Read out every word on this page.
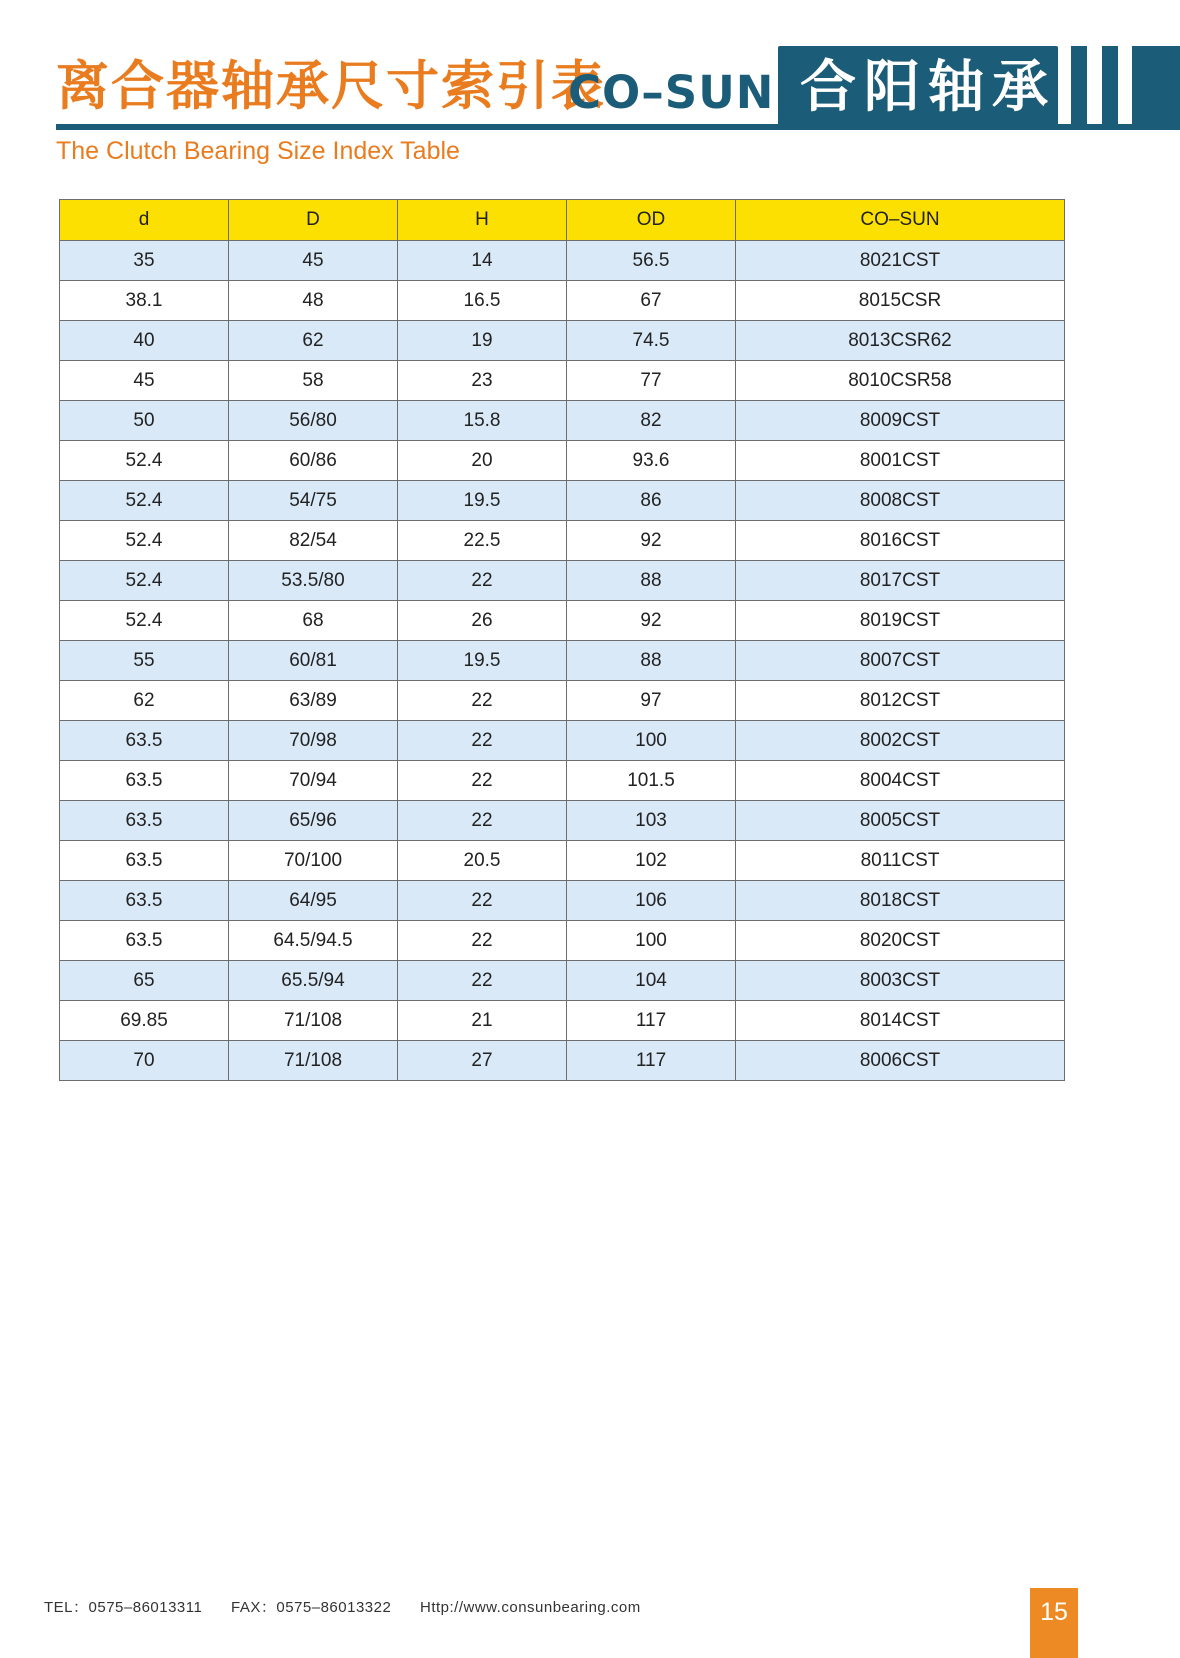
离合器轴承尺寸索引表
CO–SUN 合阳轴承
The Clutch Bearing Size Index Table
d	D	H	OD	CO–SUN
35	45	14	56.5	8021CST
38.1	48	16.5	67	8015CSR
40	62	19	74.5	8013CSR62
45	58	23	77	8010CSR58
50	56/80	15.8	82	8009CST
52.4	60/86	20	93.6	8001CST
52.4	54/75	19.5	86	8008CST
52.4	82/54	22.5	92	8016CST
52.4	53.5/80	22	88	8017CST
52.4	68	26	92	8019CST
55	60/81	19.5	88	8007CST
62	63/89	22	97	8012CST
63.5	70/98	22	100	8002CST
63.5	70/94	22	101.5	8004CST
63.5	65/96	22	103	8005CST
63.5	70/100	20.5	102	8011CST
63.5	64/95	22	106	8018CST
63.5	64.5/94.5	22	100	8020CST
65	65.5/94	22	104	8003CST
69.85	71/108	21	117	8014CST
70	71/108	27	117	8006CST
TEL：0575–86013311 FAX：0575–86013322 Http://www.consunbearing.com	15
